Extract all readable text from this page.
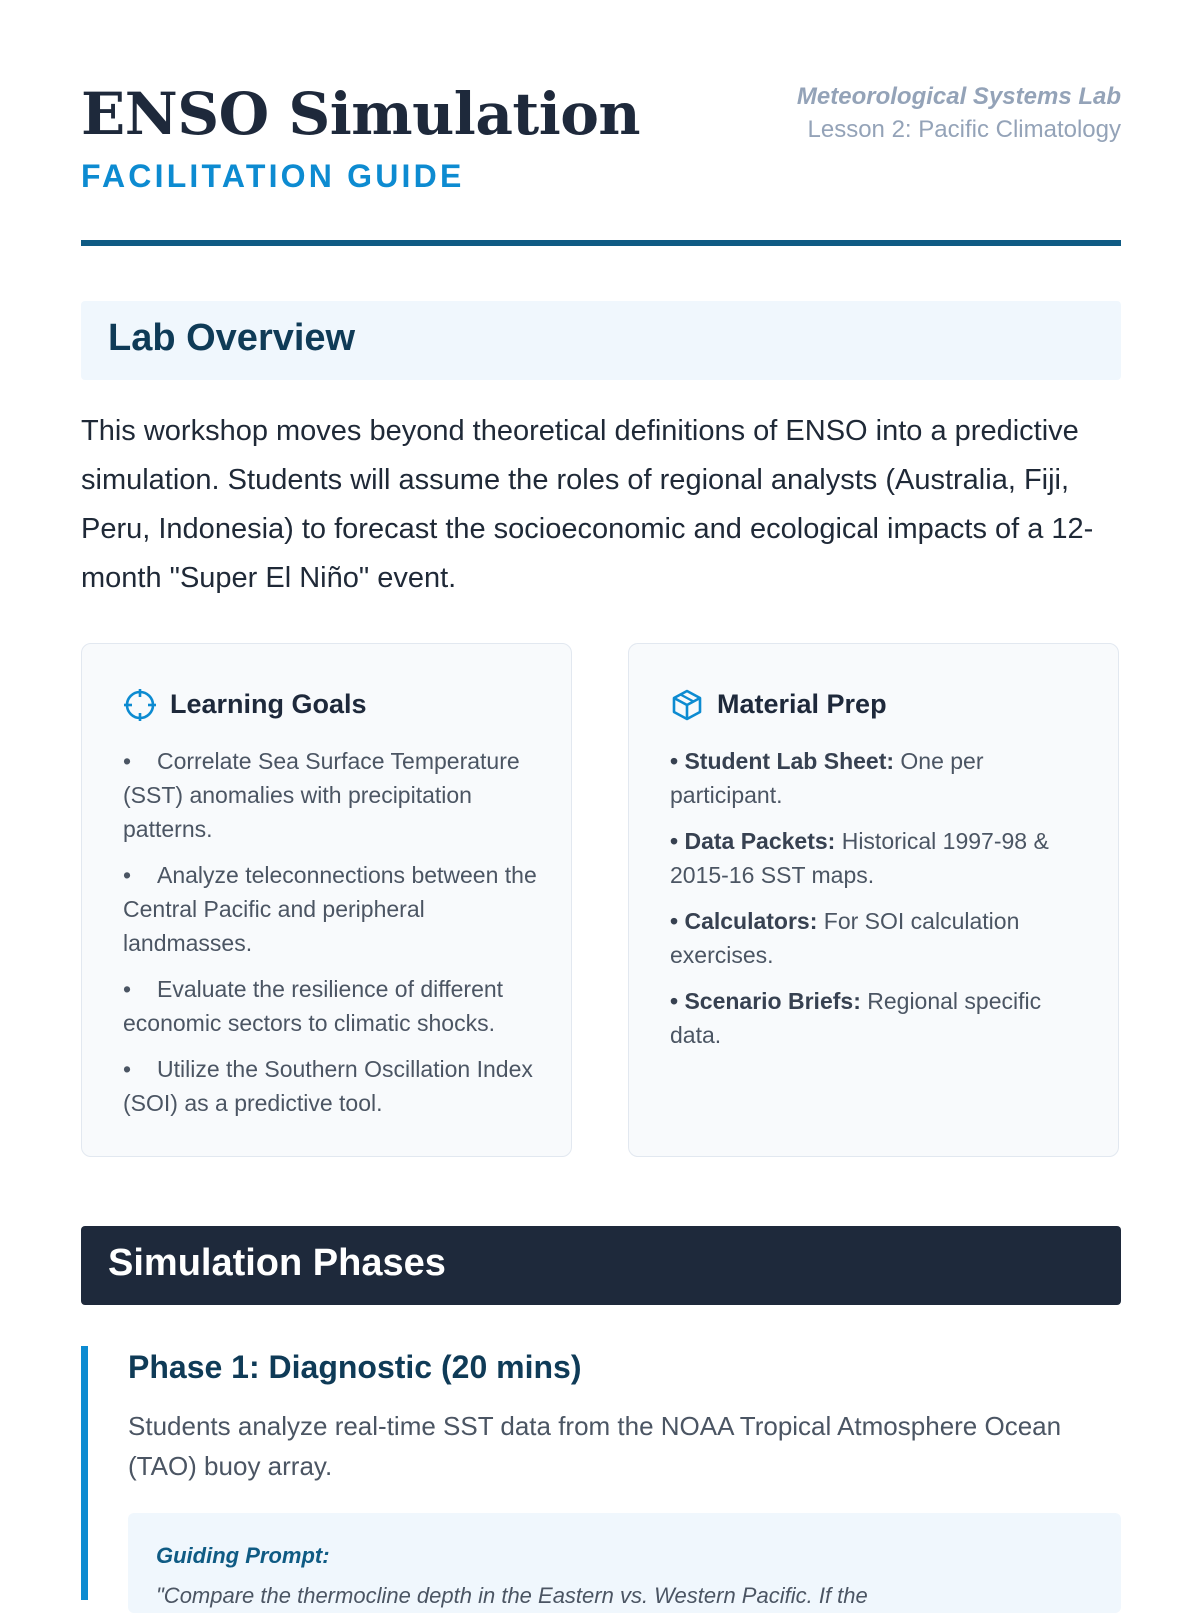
ENSO Simulation
FACILITATION GUIDE
Meteorological Systems Lab
Lesson 2: Pacific Climatology
Lab Overview
This workshop moves beyond theoretical definitions of ENSO into a predictive simulation. Students will assume the roles of regional analysts (Australia, Fiji, Peru, Indonesia) to forecast the socioeconomic and ecological impacts of a 12-month "Super El Niño" event.
Learning Goals
• Correlate Sea Surface Temperature (SST) anomalies with precipitation patterns.
• Analyze teleconnections between the Central Pacific and peripheral landmasses.
• Evaluate the resilience of different economic sectors to climatic shocks.
• Utilize the Southern Oscillation Index (SOI) as a predictive tool.
Material Prep
• Student Lab Sheet: One per participant.
• Data Packets: Historical 1997-98 & 2015-16 SST maps.
• Calculators: For SOI calculation exercises.
• Scenario Briefs: Regional specific data.
Simulation Phases
Phase 1: Diagnostic (20 mins)
Students analyze real-time SST data from the NOAA Tropical Atmosphere Ocean (TAO) buoy array.
Guiding Prompt:
"Compare the thermocline depth in the Eastern vs. Western Pacific. If the
